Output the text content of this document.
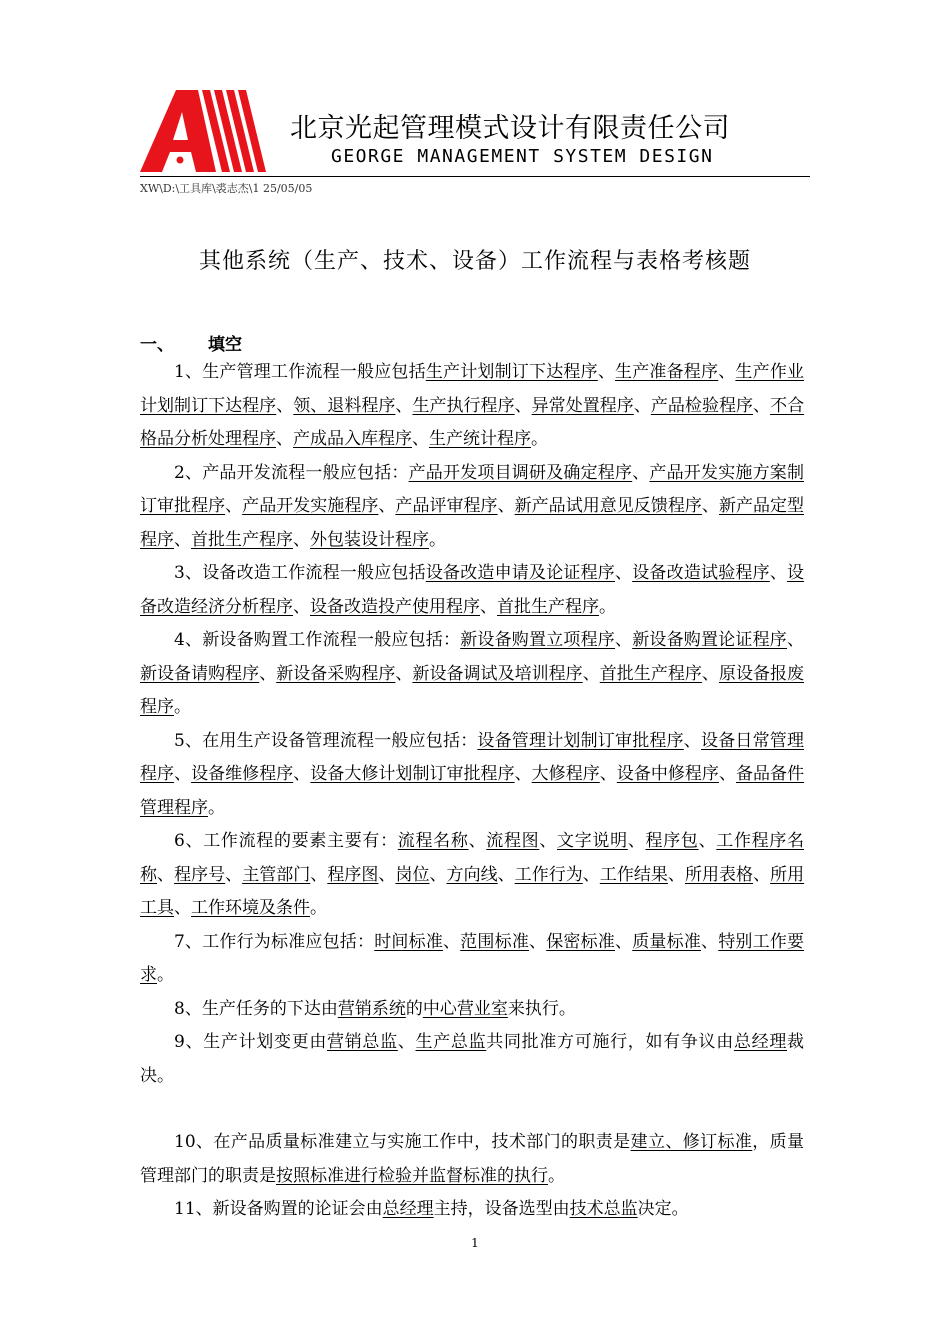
北京光起管理模式设计有限责任公司
GEORGE MANAGEMENT SYSTEM DESIGN
XW\D:\工具库\裘志杰\1 25/05/05
其他系统（生产、技术、设备）工作流程与表格考核题
一、 填空

1、生产管理工作流程一般应包括生产计划制订下达程序、生产准备程序、生产作业计划制订下达程序、领、退料程序、生产执行程序、异常处置程序、产品检验程序、不合格品分析处理程序、产成品入库程序、生产统计程序。

2、产品开发流程一般应包括：产品开发项目调研及确定程序、产品开发实施方案制订审批程序、产品开发实施程序、产品评审程序、新产品试用意见反馈程序、新产品定型程序、首批生产程序、外包装设计程序。

3、设备改造工作流程一般应包括设备改造申请及论证程序、设备改造试验程序、设备改造经济分析程序、设备改造投产使用程序、首批生产程序。

4、新设备购置工作流程一般应包括：新设备购置立项程序、新设备购置论证程序、新设备请购程序、新设备采购程序、新设备调试及培训程序、首批生产程序、原设备报废程序。

5、在用生产设备管理流程一般应包括：设备管理计划制订审批程序、设备日常管理程序、设备维修程序、设备大修计划制订审批程序、大修程序、设备中修程序、备品备件管理程序。

6、工作流程的要素主要有：流程名称、流程图、文字说明、程序包、工作程序名称、程序号、主管部门、程序图、岗位、方向线、工作行为、工作结果、所用表格、所用工具、工作环境及条件。

7、工作行为标准应包括：时间标准、范围标准、保密标准、质量标准、特别工作要求。

8、生产任务的下达由营销系统的中心营业室来执行。

9、生产计划变更由营销总监、生产总监共同批准方可施行，如有争议由总经理裁决。

10、在产品质量标准建立与实施工作中，技术部门的职责是建立、修订标准，质量管理部门的职责是按照标准进行检验并监督标准的执行。

11、新设备购置的论证会由总经理主持，设备选型由技术总监决定。

1
